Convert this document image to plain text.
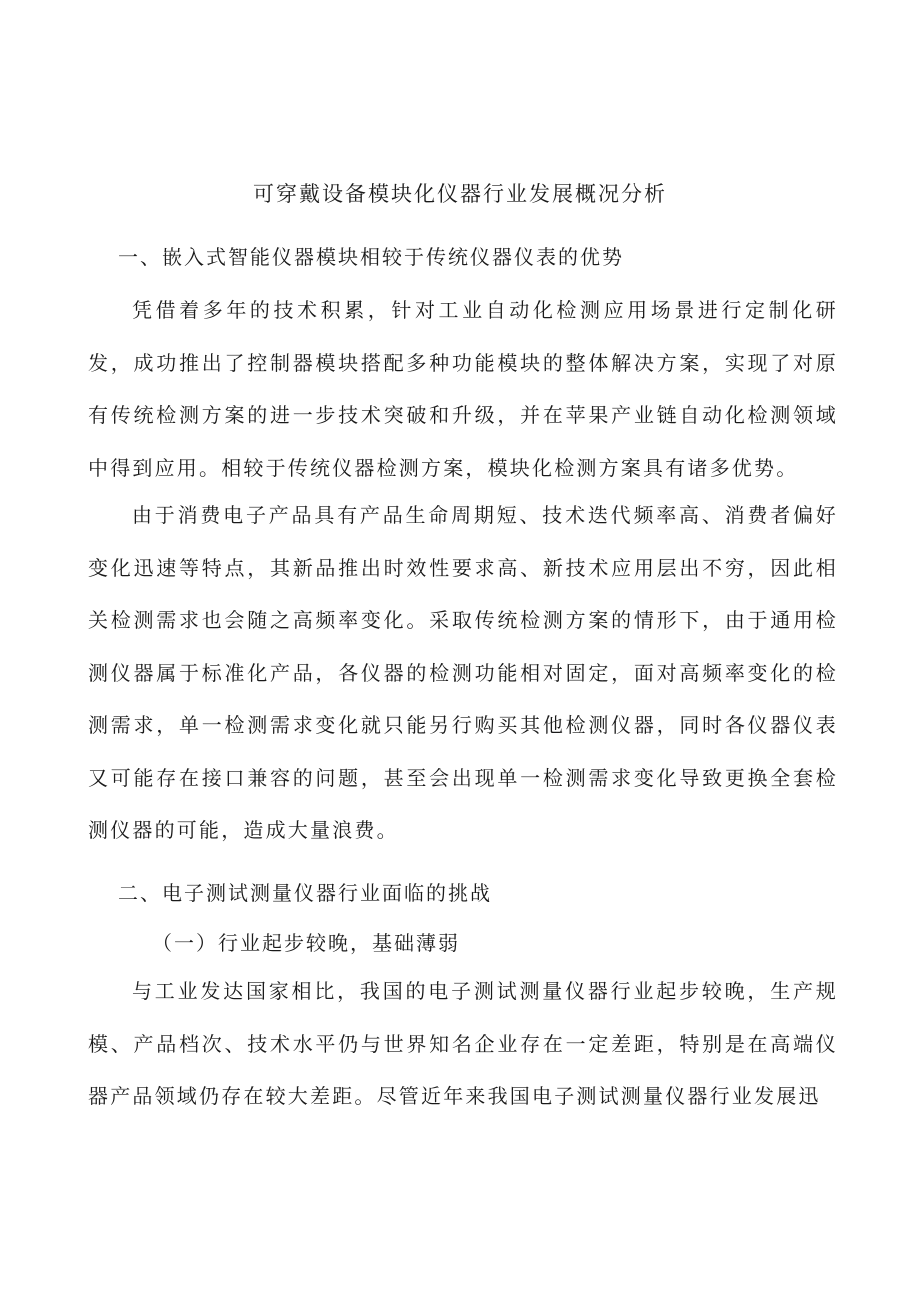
可穿戴设备模块化仪器行业发展概况分析
一、嵌入式智能仪器模块相较于传统仪器仪表的优势

凭借着多年的技术积累，针对工业自动化检测应用场景进行定制化研发，成功推出了控制器模块搭配多种功能模块的整体解决方案，实现了对原有传统检测方案的进一步技术突破和升级，并在苹果产业链自动化检测领域中得到应用。相较于传统仪器检测方案，模块化检测方案具有诸多优势。

由于消费电子产品具有产品生命周期短、技术迭代频率高、消费者偏好变化迅速等特点，其新品推出时效性要求高、新技术应用层出不穷，因此相关检测需求也会随之高频率变化。采取传统检测方案的情形下，由于通用检测仪器属于标准化产品，各仪器的检测功能相对固定，面对高频率变化的检测需求，单一检测需求变化就只能另行购买其他检测仪器，同时各仪器仪表又可能存在接口兼容的问题，甚至会出现单一检测需求变化导致更换全套检测仪器的可能，造成大量浪费。

二、电子测试测量仪器行业面临的挑战
（一）行业起步较晚，基础薄弱

与工业发达国家相比，我国的电子测试测量仪器行业起步较晚，生产规模、产品档次、技术水平仍与世界知名企业存在一定差距，特别是在高端仪器产品领域仍存在较大差距。尽管近年来我国电子测试测量仪器行业发展迅
